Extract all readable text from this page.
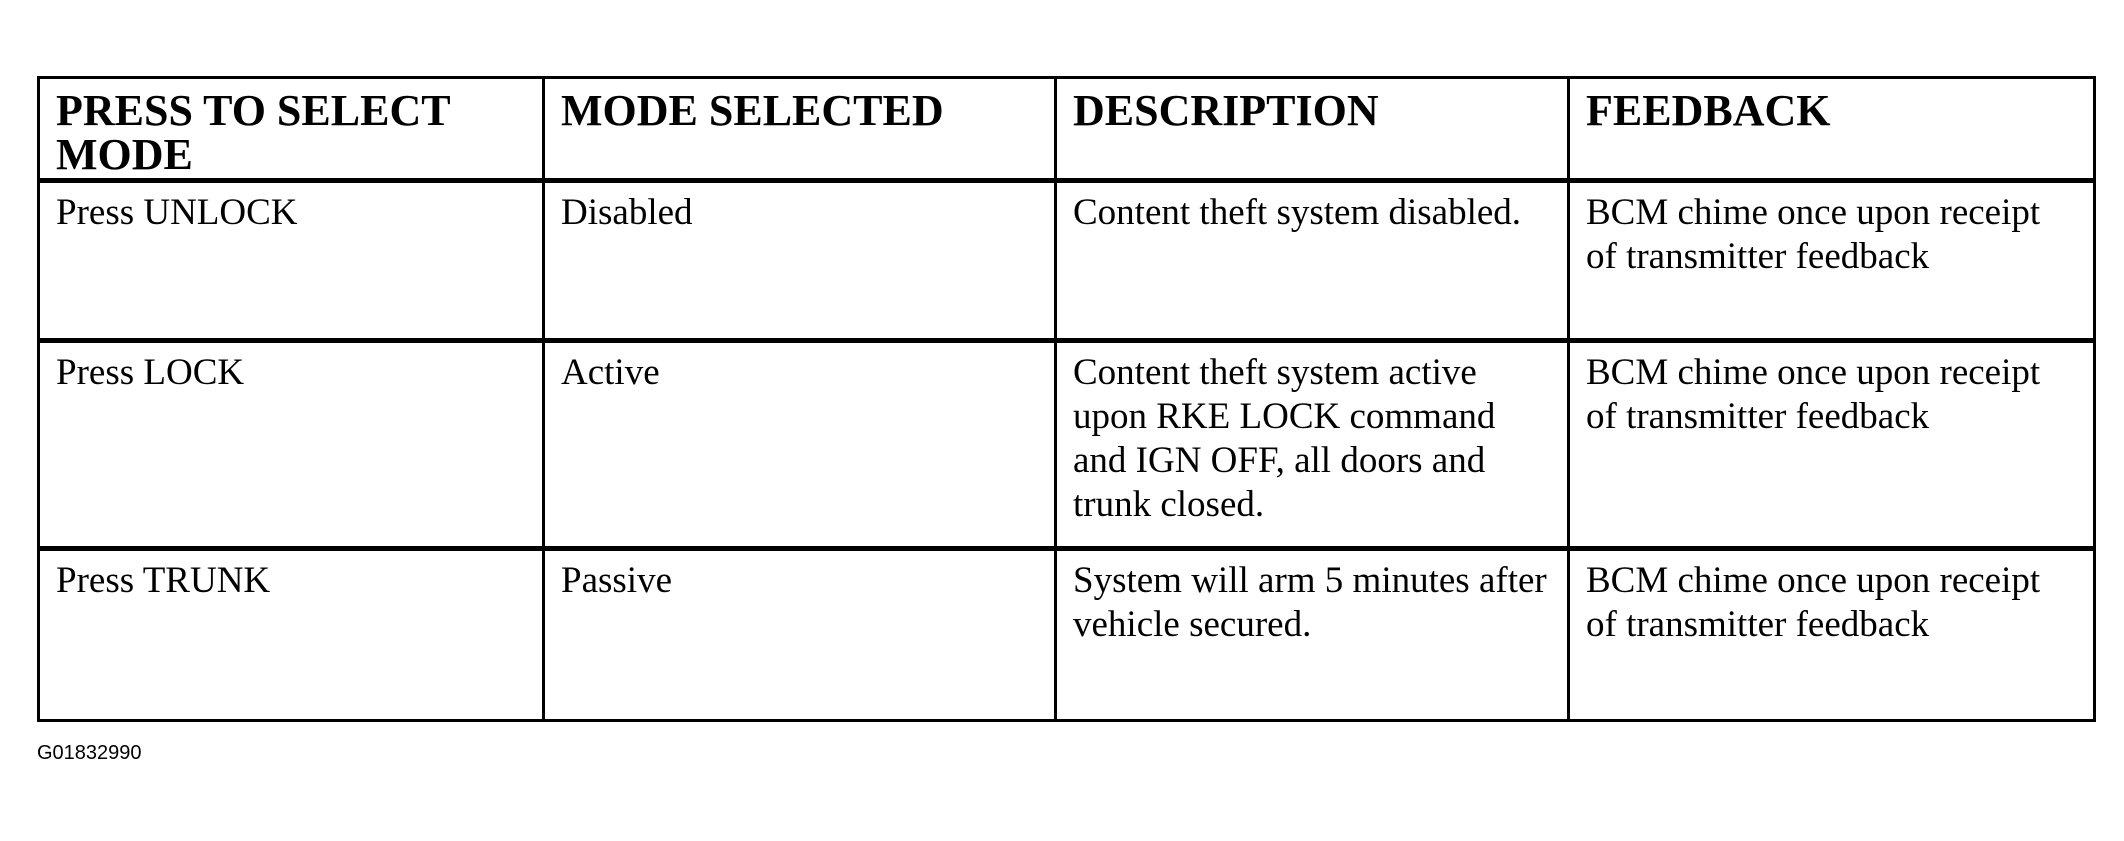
PRESS TO SELECT MODE	MODE SELECTED	DESCRIPTION	FEEDBACK
Press UNLOCK	Disabled	Content theft system disabled.	BCM chime once upon receipt of transmitter feedback
Press LOCK	Active	Content theft system active upon RKE LOCK command and IGN OFF, all doors and trunk closed.	BCM chime once upon receipt of transmitter feedback
Press TRUNK	Passive	System will arm 5 minutes after vehicle secured.	BCM chime once upon receipt of transmitter feedback
G01832990
